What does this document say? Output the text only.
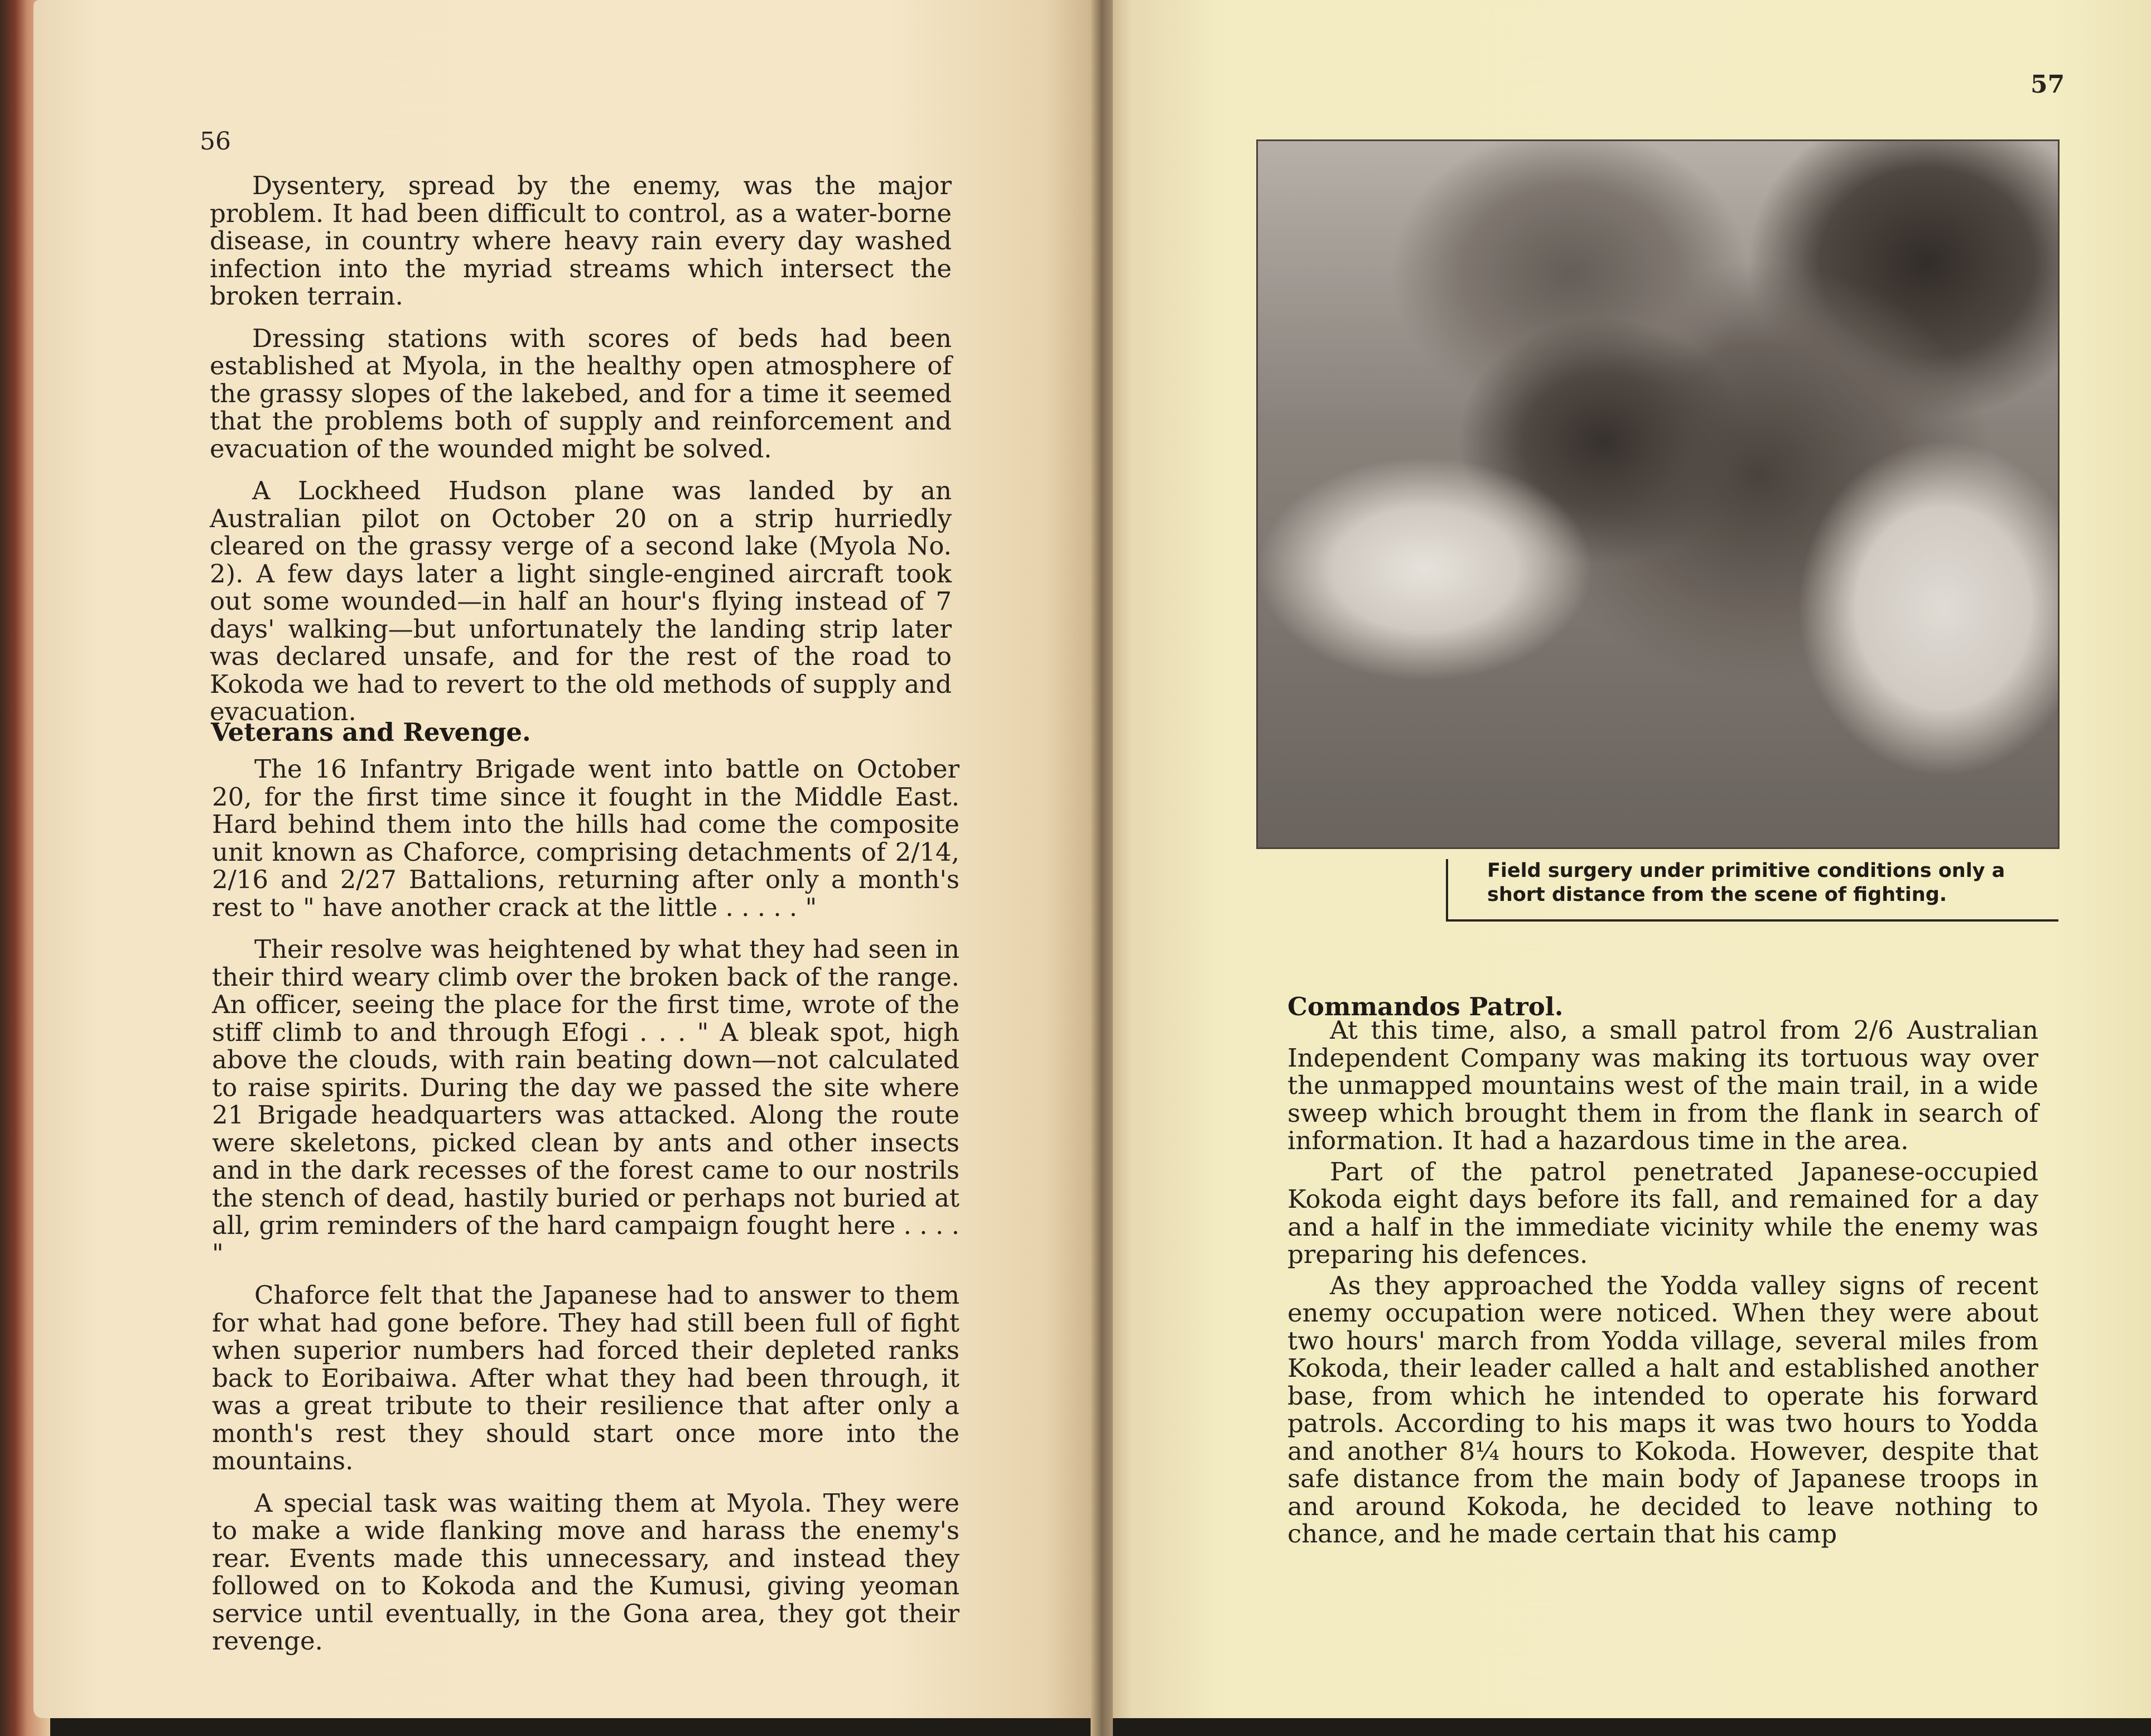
56

Dysentery, spread by the enemy, was the major problem. It had been difficult to control, as a water-borne disease, in country where heavy rain every day washed infection into the myriad streams which intersect the broken terrain.

Dressing stations with scores of beds had been established at Myola, in the healthy open atmosphere of the grassy slopes of the lakebed, and for a time it seemed that the problems both of supply and reinforcement and evacuation of the wounded might be solved.

A Lockheed Hudson plane was landed by an Australian pilot on October 20 on a strip hurriedly cleared on the grassy verge of a second lake (Myola No. 2). A few days later a light single-engined aircraft took out some wounded—in half an hour's flying instead of 7 days' walking—but unfortunately the landing strip later was declared unsafe, and for the rest of the road to Kokoda we had to revert to the old methods of supply and evacuation.

Veterans and Revenge.

The 16 Infantry Brigade went into battle on October 20, for the first time since it fought in the Middle East. Hard behind them into the hills had come the composite unit known as Chaforce, comprising detachments of 2/14, 2/16 and 2/27 Battalions, returning after only a month's rest to " have another crack at the little . . . . . "

Their resolve was heightened by what they had seen in their third weary climb over the broken back of the range. An officer, seeing the place for the first time, wrote of the stiff climb to and through Efogi . . . " A bleak spot, high above the clouds, with rain beating down—not calculated to raise spirits. During the day we passed the site where 21 Brigade headquarters was attacked. Along the route were skeletons, picked clean by ants and other insects and in the dark recesses of the forest came to our nostrils the stench of dead, hastily buried or perhaps not buried at all, grim reminders of the hard campaign fought here . . . . "

Chaforce felt that the Japanese had to answer to them for what had gone before. They had still been full of fight when superior numbers had forced their depleted ranks back to Eoribaiwa. After what they had been through, it was a great tribute to their resilience that after only a month's rest they should start once more into the mountains.

A special task was waiting them at Myola. They were to make a wide flanking move and harass the enemy's rear. Events made this unnecessary, and instead they followed on to Kokoda and the Kumusi, giving yeoman service until eventually, in the Gona area, they got their revenge.

57
Field surgery under primitive conditions only a short distance from the scene of fighting.
Commandos Patrol.

At this time, also, a small patrol from 2/6 Australian Independent Company was making its tortuous way over the unmapped mountains west of the main trail, in a wide sweep which brought them in from the flank in search of information. It had a hazardous time in the area.

Part of the patrol penetrated Japanese-occupied Kokoda eight days before its fall, and remained for a day and a half in the immediate vicinity while the enemy was preparing his defences.

As they approached the Yodda valley signs of recent enemy occupation were noticed. When they were about two hours' march from Yodda village, several miles from Kokoda, their leader called a halt and established another base, from which he intended to operate his forward patrols. According to his maps it was two hours to Yodda and another 8¼ hours to Kokoda. However, despite that safe distance from the main body of Japanese troops in and around Kokoda, he decided to leave nothing to chance, and he made certain that his camp
